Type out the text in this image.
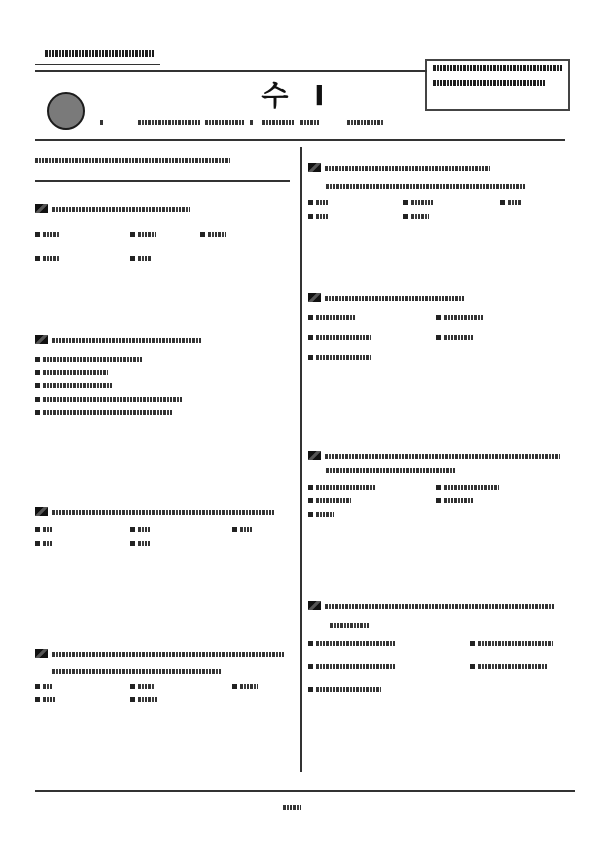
수 I
